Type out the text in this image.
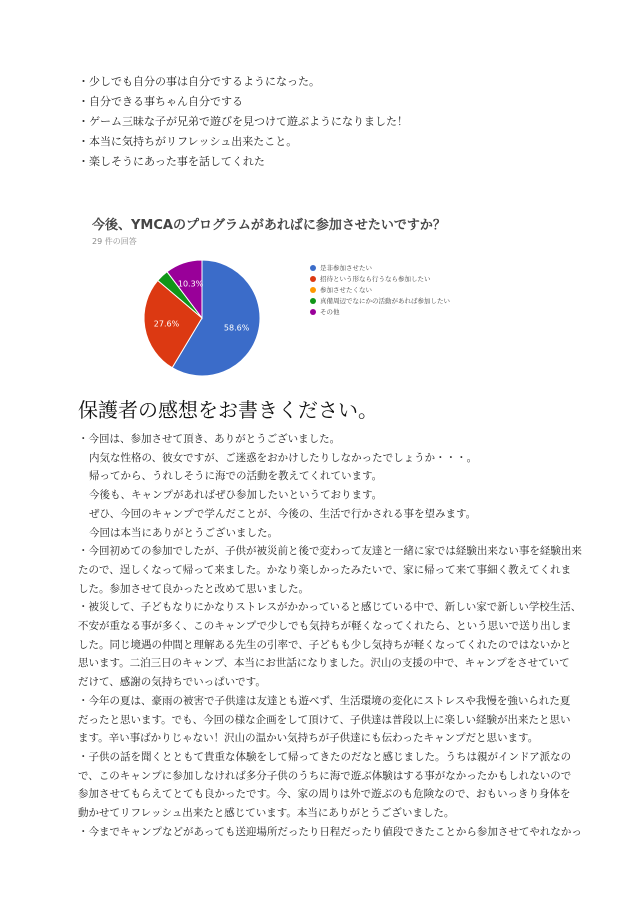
・少しでも自分の事は自分でするようになった。
・自分できる事ちゃん自分でする
・ゲーム三昧な子が兄弟で遊びを見つけて遊ぶようになりました！
・本当に気持ちがリフレッシュ出来たこと。
・楽しそうにあった事を話してくれた
今後、YMCAのプログラムがあればに参加させたいですか？
29 件の回答
58.6%
27.6%
10.3%
是非参加させたい
招待という形なら行うなら参加したい
参加させたくない
真備周辺でなにかの活動があれば参加したい
その他
保護者の感想をお書きください。
・今回は、参加させて頂き、ありがとうございました。
内気な性格の、彼女ですが、ご迷惑をおかけしたりしなかったでしょうか・・・。
帰ってから、うれしそうに海での活動を教えてくれています。
今後も、キャンプがあればぜひ参加したいというております。
ぜひ、今回のキャンプで学んだことが、今後の、生活で行かされる事を望みます。
今回は本当にありがとうございました。
・今回初めての参加でしたが、子供が被災前と後で変わって友達と一緒に家では経験出来ない事を経験出来
たので、逞しくなって帰って来ました。かなり楽しかったみたいで、家に帰って来て事細く教えてくれま
した。参加させて良かったと改めて思いました。
・被災して、子どもなりにかなりストレスがかかっていると感じている中で、新しい家で新しい学校生活、
不安が重なる事が多く、このキャンプで少しでも気持ちが軽くなってくれたら、という思いで送り出しま
した。同じ境遇の仲間と理解ある先生の引率で、子どもも少し気持ちが軽くなってくれたのではないかと
思います。二泊三日のキャンプ、本当にお世話になりました。沢山の支援の中で、キャンプをさせていて
だけて、感謝の気持ちでいっぱいです。
・今年の夏は、豪雨の被害で子供達は友達とも遊べず、生活環境の変化にストレスや我慢を強いられた夏
だったと思います。でも、今回の様な企画をして頂けて、子供達は普段以上に楽しい経験が出来たと思い
ます。辛い事ばかりじゃない！沢山の温かい気持ちが子供達にも伝わったキャンプだと思います。
・子供の話を聞くとともて貴重な体験をして帰ってきたのだなと感じました。うちは親がインドア派なの
で、このキャンプに参加しなければ多分子供のうちに海で遊ぶ体験はする事がなかったかもしれないので
参加させてもらえてとても良かったです。今、家の周りは外で遊ぶのも危険なので、おもいっきり身体を
動かせてリフレッシュ出来たと感じています。本当にありがとうございました。
・今までキャンプなどがあっても送迎場所だったり日程だったり値段できたことから参加させてやれなかっ
